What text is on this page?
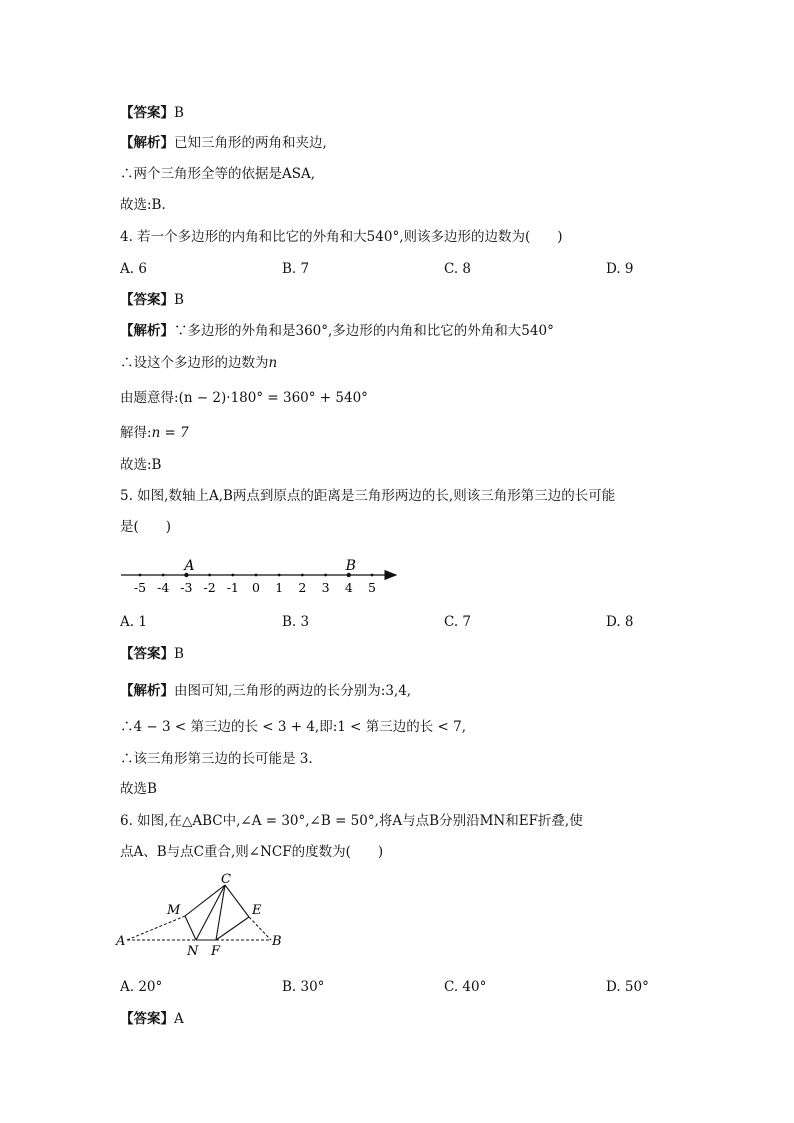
【答案】B
【解析】已知三角形的两角和夹边,
∴两个三角形全等的依据是ASA,
故选:B.
4. 若一个多边形的内角和比它的外角和大540°,则该多边形的边数为(　　)
A. 6	B. 7	C. 8	D. 9
【答案】B
【解析】∵多边形的外角和是360°,多边形的内角和比它的外角和大540°
∴设这个多边形的边数为n
由题意得:(n − 2)·180° = 360° + 540°
解得:n = 7
故选:B
5. 如图,数轴上A,B两点到原点的距离是三角形两边的长,则该三角形第三边的长可能
是(　　)
-5 -4 -3 -2 -1 0 1 2 3 4 5
A	B
A. 1	B. 3	C. 7	D. 8
【答案】B
【解析】由图可知,三角形的两边的长分别为:3,4,
∴4 − 3 < 第三边的长 < 3 + 4,即:1 < 第三边的长 < 7,
∴该三角形第三边的长可能是 3.
故选B
6. 如图,在△ABC中,∠A = 30°,∠B = 50°,将A与点B分别沿MN和EF折叠,使
点A、B与点C重合,则∠NCF的度数为(　　)
C
M	E
A	B
N F
A. 20°	B. 30°	C. 40°	D. 50°
【答案】A
